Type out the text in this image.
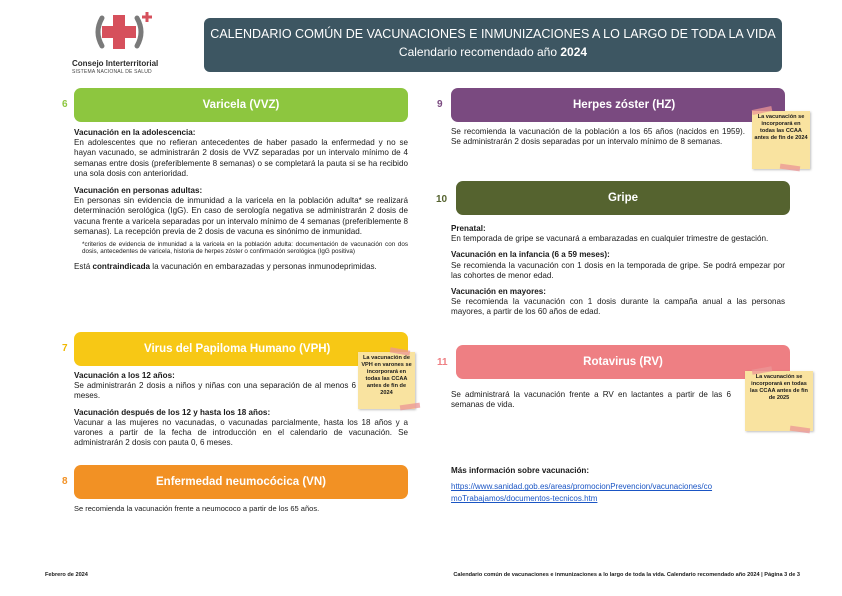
Consejo Interterritorial
SISTEMA NACIONAL DE SALUD
CALENDARIO COMÚN DE VACUNACIONES E INMUNIZACIONES A LO LARGO DE TODA LA VIDA
Calendario recomendado año 2024
6	Varicela (VVZ)

Vacunación en la adolescencia:

En adolescentes que no refieran antecedentes de haber pasado la enfermedad y no se hayan vacunado, se administrarán 2 dosis de VVZ separadas por un intervalo mínimo de 4 semanas entre dosis (preferiblemente 8 semanas) o se completará la pauta si se ha recibido una sola dosis con anterioridad.

Vacunación en personas adultas:

En personas sin evidencia de inmunidad a la varicela en la población adulta* se realizará determinación serológica (IgG). En caso de serología negativa se administrarán 2 dosis de vacuna frente a varicela separadas por un intervalo mínimo de 4 semanas (preferiblemente 8 semanas). La recepción previa de 2 dosis de vacuna es sinónimo de inmunidad.

*criterios de evidencia de inmunidad a la varicela en la población adulta: documentación de vacunación con dos dosis, antecedentes de varicela, historia de herpes zóster o confirmación serológica (IgG positiva)

Está contraindicada la vacunación en embarazadas y personas inmunodeprimidas.

7	Virus del Papiloma Humano (VPH)
La vacunación de VPH en varones se incorporará en todas las CCAA antes de fin de 2024

Vacunación a los 12 años:

Se administrarán 2 dosis a niños y niñas con una separación de al menos 6 meses.

Vacunación después de los 12 y hasta los 18 años:

Vacunar a las mujeres no vacunadas, o vacunadas parcialmente, hasta los 18 años y a varones a partir de la fecha de introducción en el calendario de vacunación. Se administrarán 2 dosis con pauta 0, 6 meses.

8	Enfermedad neumocócica (VN)
Se recomienda la vacunación frente a neumococo a partir de los 65 años.
9	Herpes zóster (HZ)
La vacunación se incorporará en todas las CCAA antes de fin de 2024
Se recomienda la vacunación de la población a los 65 años (nacidos en 1959). Se administrarán 2 dosis separadas por un intervalo mínimo de 8 semanas.
10	Gripe

Prenatal:

En temporada de gripe se vacunará a embarazadas en cualquier trimestre de gestación.

Vacunación en la infancia (6 a 59 meses):

Se recomienda la vacunación con 1 dosis en la temporada de gripe. Se podrá empezar por las cohortes de menor edad.

Vacunación en mayores:

Se recomienda la vacunación con 1 dosis durante la campaña anual a las personas mayores, a partir de los 60 años de edad.

11	Rotavirus (RV)
La vacunación se incorporará en todas las CCAA antes de fin de 2025
Se administrará la vacunación frente a RV en lactantes a partir de las 6 semanas de vida.

Más información sobre vacunación:

https://www.sanidad.gob.es/areas/promocionPrevencion/vacunaciones/co
moTrabajamos/documentos-tecnicos.htm
Febrero de 2024	Calendario común de vacunaciones e inmunizaciones a lo largo de toda la vida. Calendario recomendado año 2024 | Página 3 de 3
